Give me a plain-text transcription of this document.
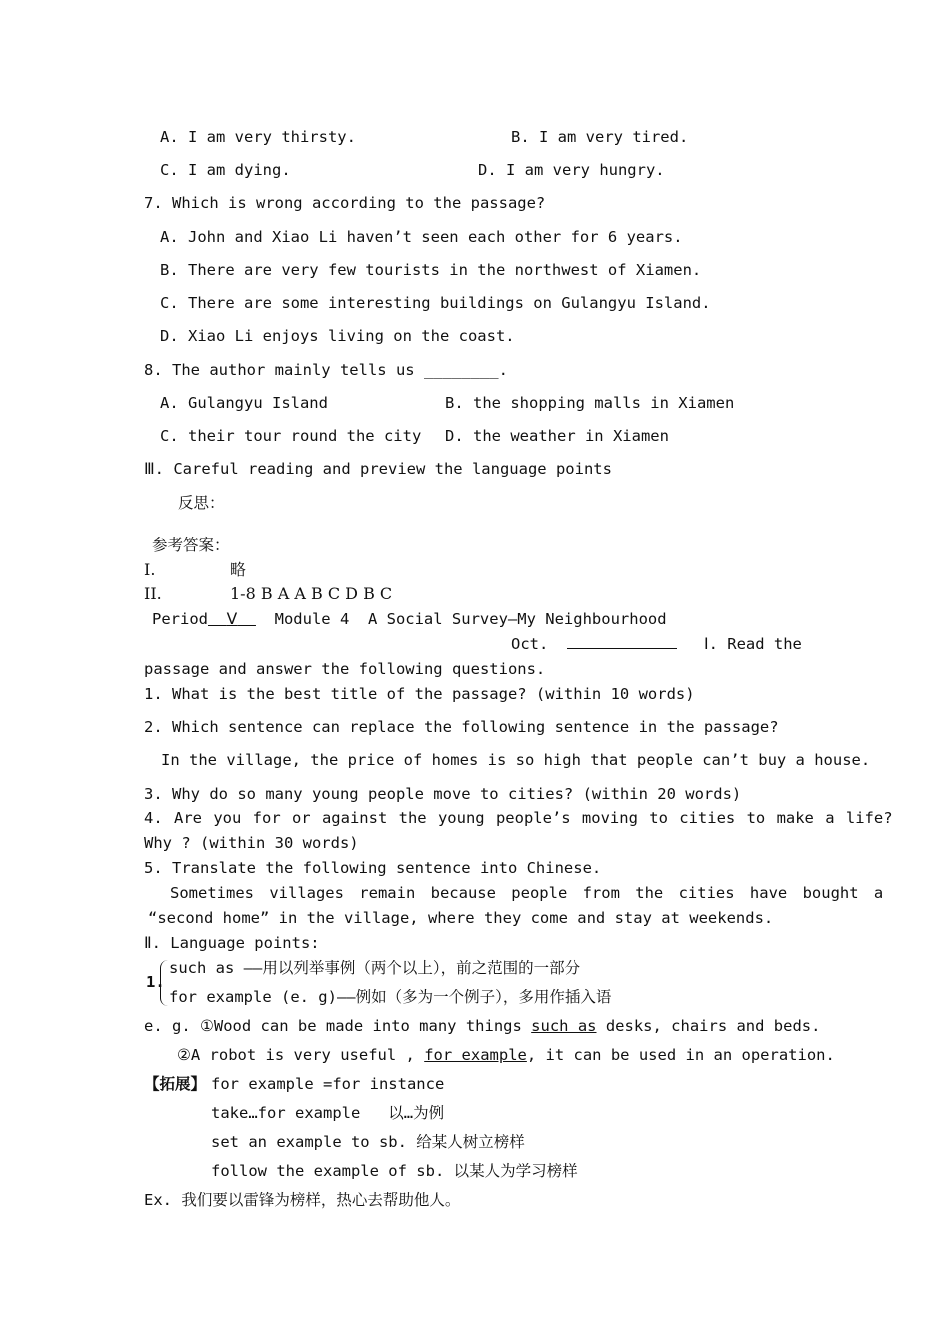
A. I am very thirsty.	B. I am very tired.
C. I am dying.	D. I am very hungry.
7. Which is wrong according to the passage?
A. John and Xiao Li haven’t seen each other for 6 years.
B. There are very few tourists in the northwest of Xiamen.
C. There are some interesting buildings on Gulangyu Island.
D. Xiao Li enjoys living on the coast.
8. The author mainly tells us ________.
A. Gulangyu Island	B. the shopping malls in Xiamen
C. their tour round the city D. the weather in Xiamen
Ⅲ. Careful reading and preview the language points
反思：
参考答案：
I.	略
II.	1-8 B A A B C D B C
Period Ⅴ Module 4  A Social Survey—My Neighbourhood
Oct.	Ⅰ. Read the
passage and answer the following questions.
1. What is the best title of the passage? (within 10 words)
2. Which sentence can replace the following sentence in the passage?
In the village, the price of homes is so high that people can’t buy a house.
3. Why do so many young people move to cities? (within 20 words)
4. Are you for or against the young people’s moving to cities to make a life?
Why ? (within 30 words)
5. Translate the following sentence into Chinese.
Sometimes villages remain because people from the cities have bought a
“second home” in the village, where they come and stay at weekends.
Ⅱ. Language points:
1.
such as ——用以列举事例（两个以上），前之范围的一部分
for example (e. g)——例如（多为一个例子），多用作插入语
e. g. ①Wood can be made into many things such as desks, chairs and beds.
②A robot is very useful , for example, it can be used in an operation.
【拓展】 for example =for instance
take…for example   以…为例
set an example to sb. 给某人树立榜样
follow the example of sb. 以某人为学习榜样
Ex. 我们要以雷锋为榜样，热心去帮助他人。
